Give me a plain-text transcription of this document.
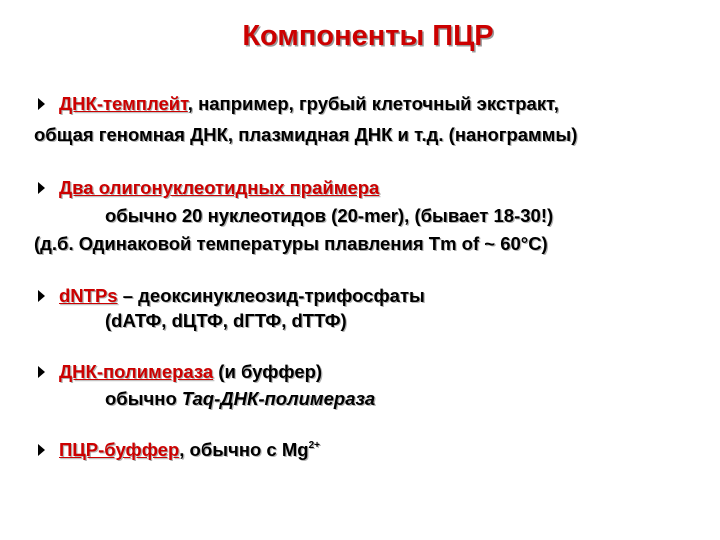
Компоненты ПЦР
ДНК-темплейт, например, грубый клеточный экстракт,
общая геномная ДНК, плазмидная ДНК и т.д. (нанограммы)
Два олигонуклеотидных праймера
обычно 20 нуклеотидов (20-mer), (бывает 18-30!)
(д.б. Одинаковой температуры плавления Tm of ~ 60°C)
dNTPs – деоксинуклеозид-трифосфаты
(dАТФ, dЦТФ, dГТФ, dТТФ)
ДНК-полимераза (и буффер)
обычно Taq-ДНК-полимераза
ПЦР-буффер, обычно с $Mg^{2+}$
